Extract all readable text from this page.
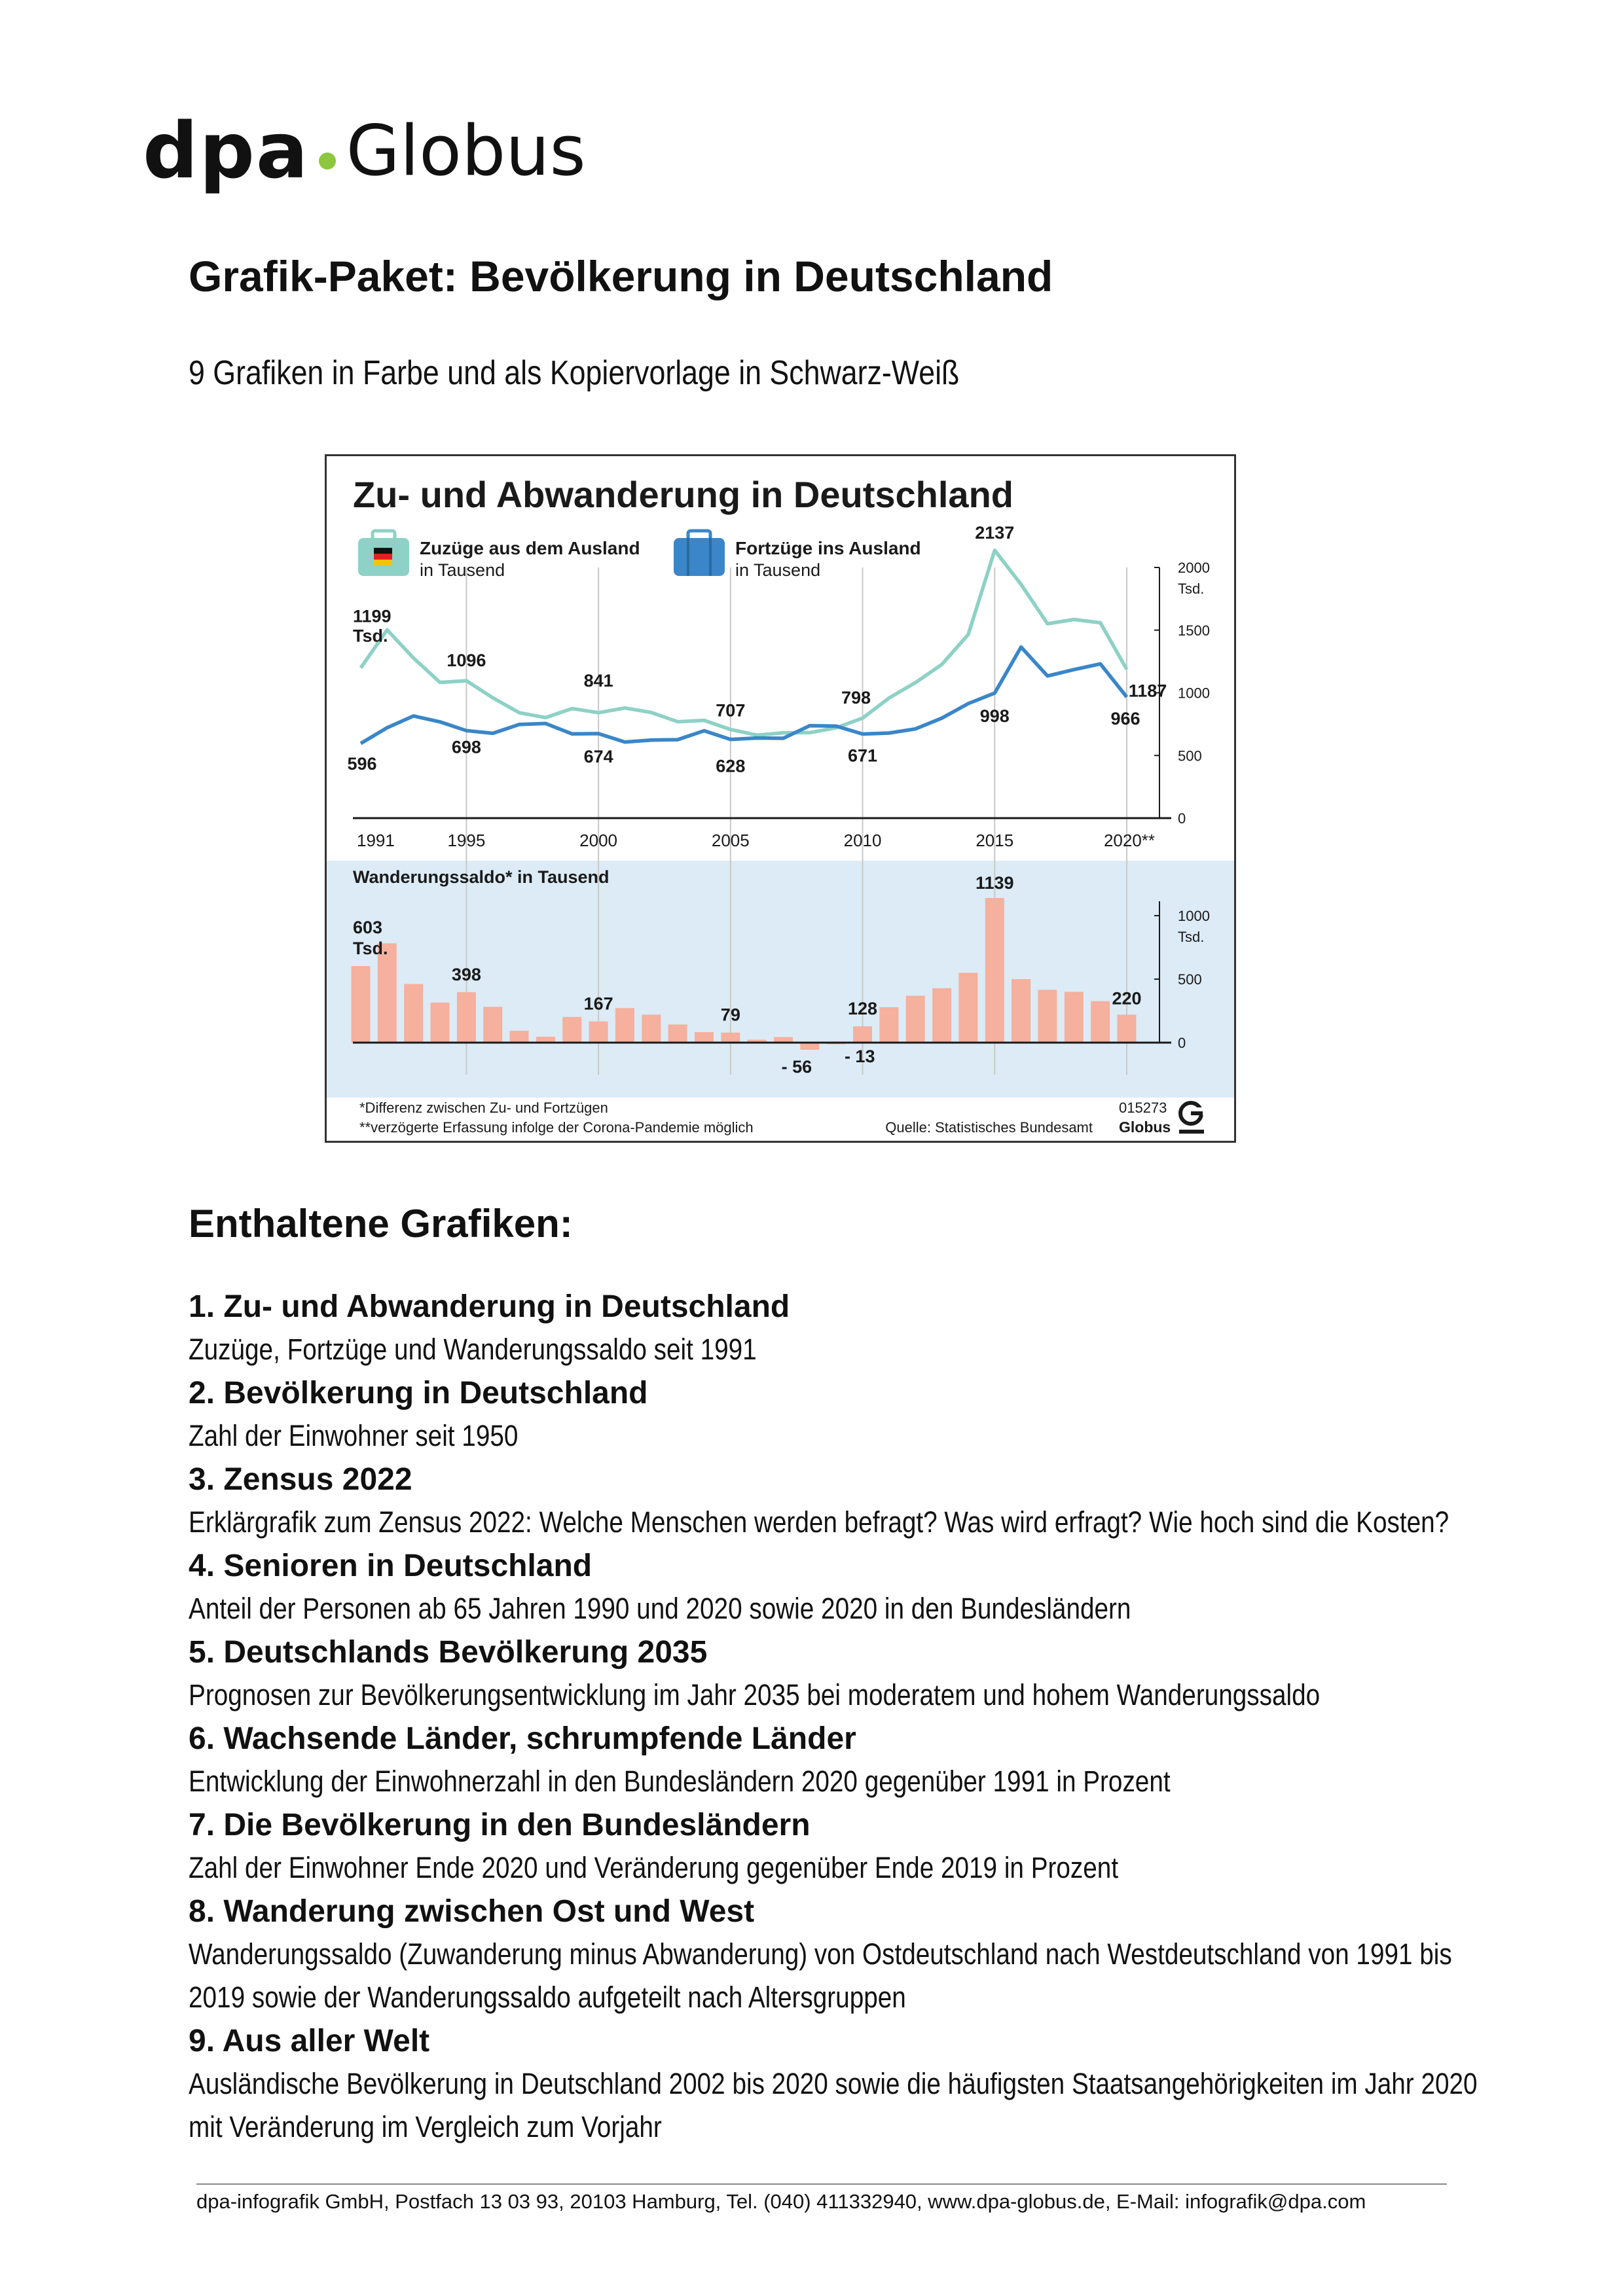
dpa Globus
Grafik-Paket: Bevölkerung in Deutschland
9 Grafiken in Farbe und als Kopiervorlage in Schwarz-Weiß
Zu- und Abwanderung in Deutschland
Zuzüge aus dem Ausland
in Tausend
Fortzüge ins Ausland
in Tausend
1991	1995	2000	2005	2010	2015	2020**
0
500
1000
1500
2000
Tsd.
1199
Tsd.
1096
841
707
798
2137
1187
596
698	674	628
671
998	966
0
500
1000
Tsd.
603
Tsd.
398
167
79
- 56
- 13
128
1139
220
Wanderungssaldo* in Tausend
*Differenz zwischen Zu- und Fortzügen
**verzögerte Erfassung infolge der Corona-Pandemie möglich	Quelle: Statistisches Bundesamt
015273
Globus
Enthaltene Grafiken:
1. Zu- und Abwanderung in Deutschland
Zuzüge, Fortzüge und Wanderungssaldo seit 1991
2. Bevölkerung in Deutschland
Zahl der Einwohner seit 1950
3. Zensus 2022
Erklärgrafik zum Zensus 2022: Welche Menschen werden befragt? Was wird erfragt? Wie hoch sind die Kosten?
4. Senioren in Deutschland
Anteil der Personen ab 65 Jahren 1990 und 2020 sowie 2020 in den Bundesländern
5. Deutschlands Bevölkerung 2035
Prognosen zur Bevölkerungsentwicklung im Jahr 2035 bei moderatem und hohem Wanderungssaldo
6. Wachsende Länder, schrumpfende Länder
Entwicklung der Einwohnerzahl in den Bundesländern 2020 gegenüber 1991 in Prozent
7. Die Bevölkerung in den Bundesländern
Zahl der Einwohner Ende 2020 und Veränderung gegenüber Ende 2019 in Prozent
8. Wanderung zwischen Ost und West
Wanderungssaldo (Zuwanderung minus Abwanderung) von Ostdeutschland nach Westdeutschland von 1991 bis 2019 sowie der Wanderungssaldo aufgeteilt nach Altersgruppen
9. Aus aller Welt
Ausländische Bevölkerung in Deutschland 2002 bis 2020 sowie die häufigsten Staatsangehörigkeiten im Jahr 2020 mit Veränderung im Vergleich zum Vorjahr
dpa-infografik GmbH, Postfach 13 03 93, 20103 Hamburg, Tel. (040) 411332940, www.dpa-globus.de, E-Mail: infografik@dpa.com
